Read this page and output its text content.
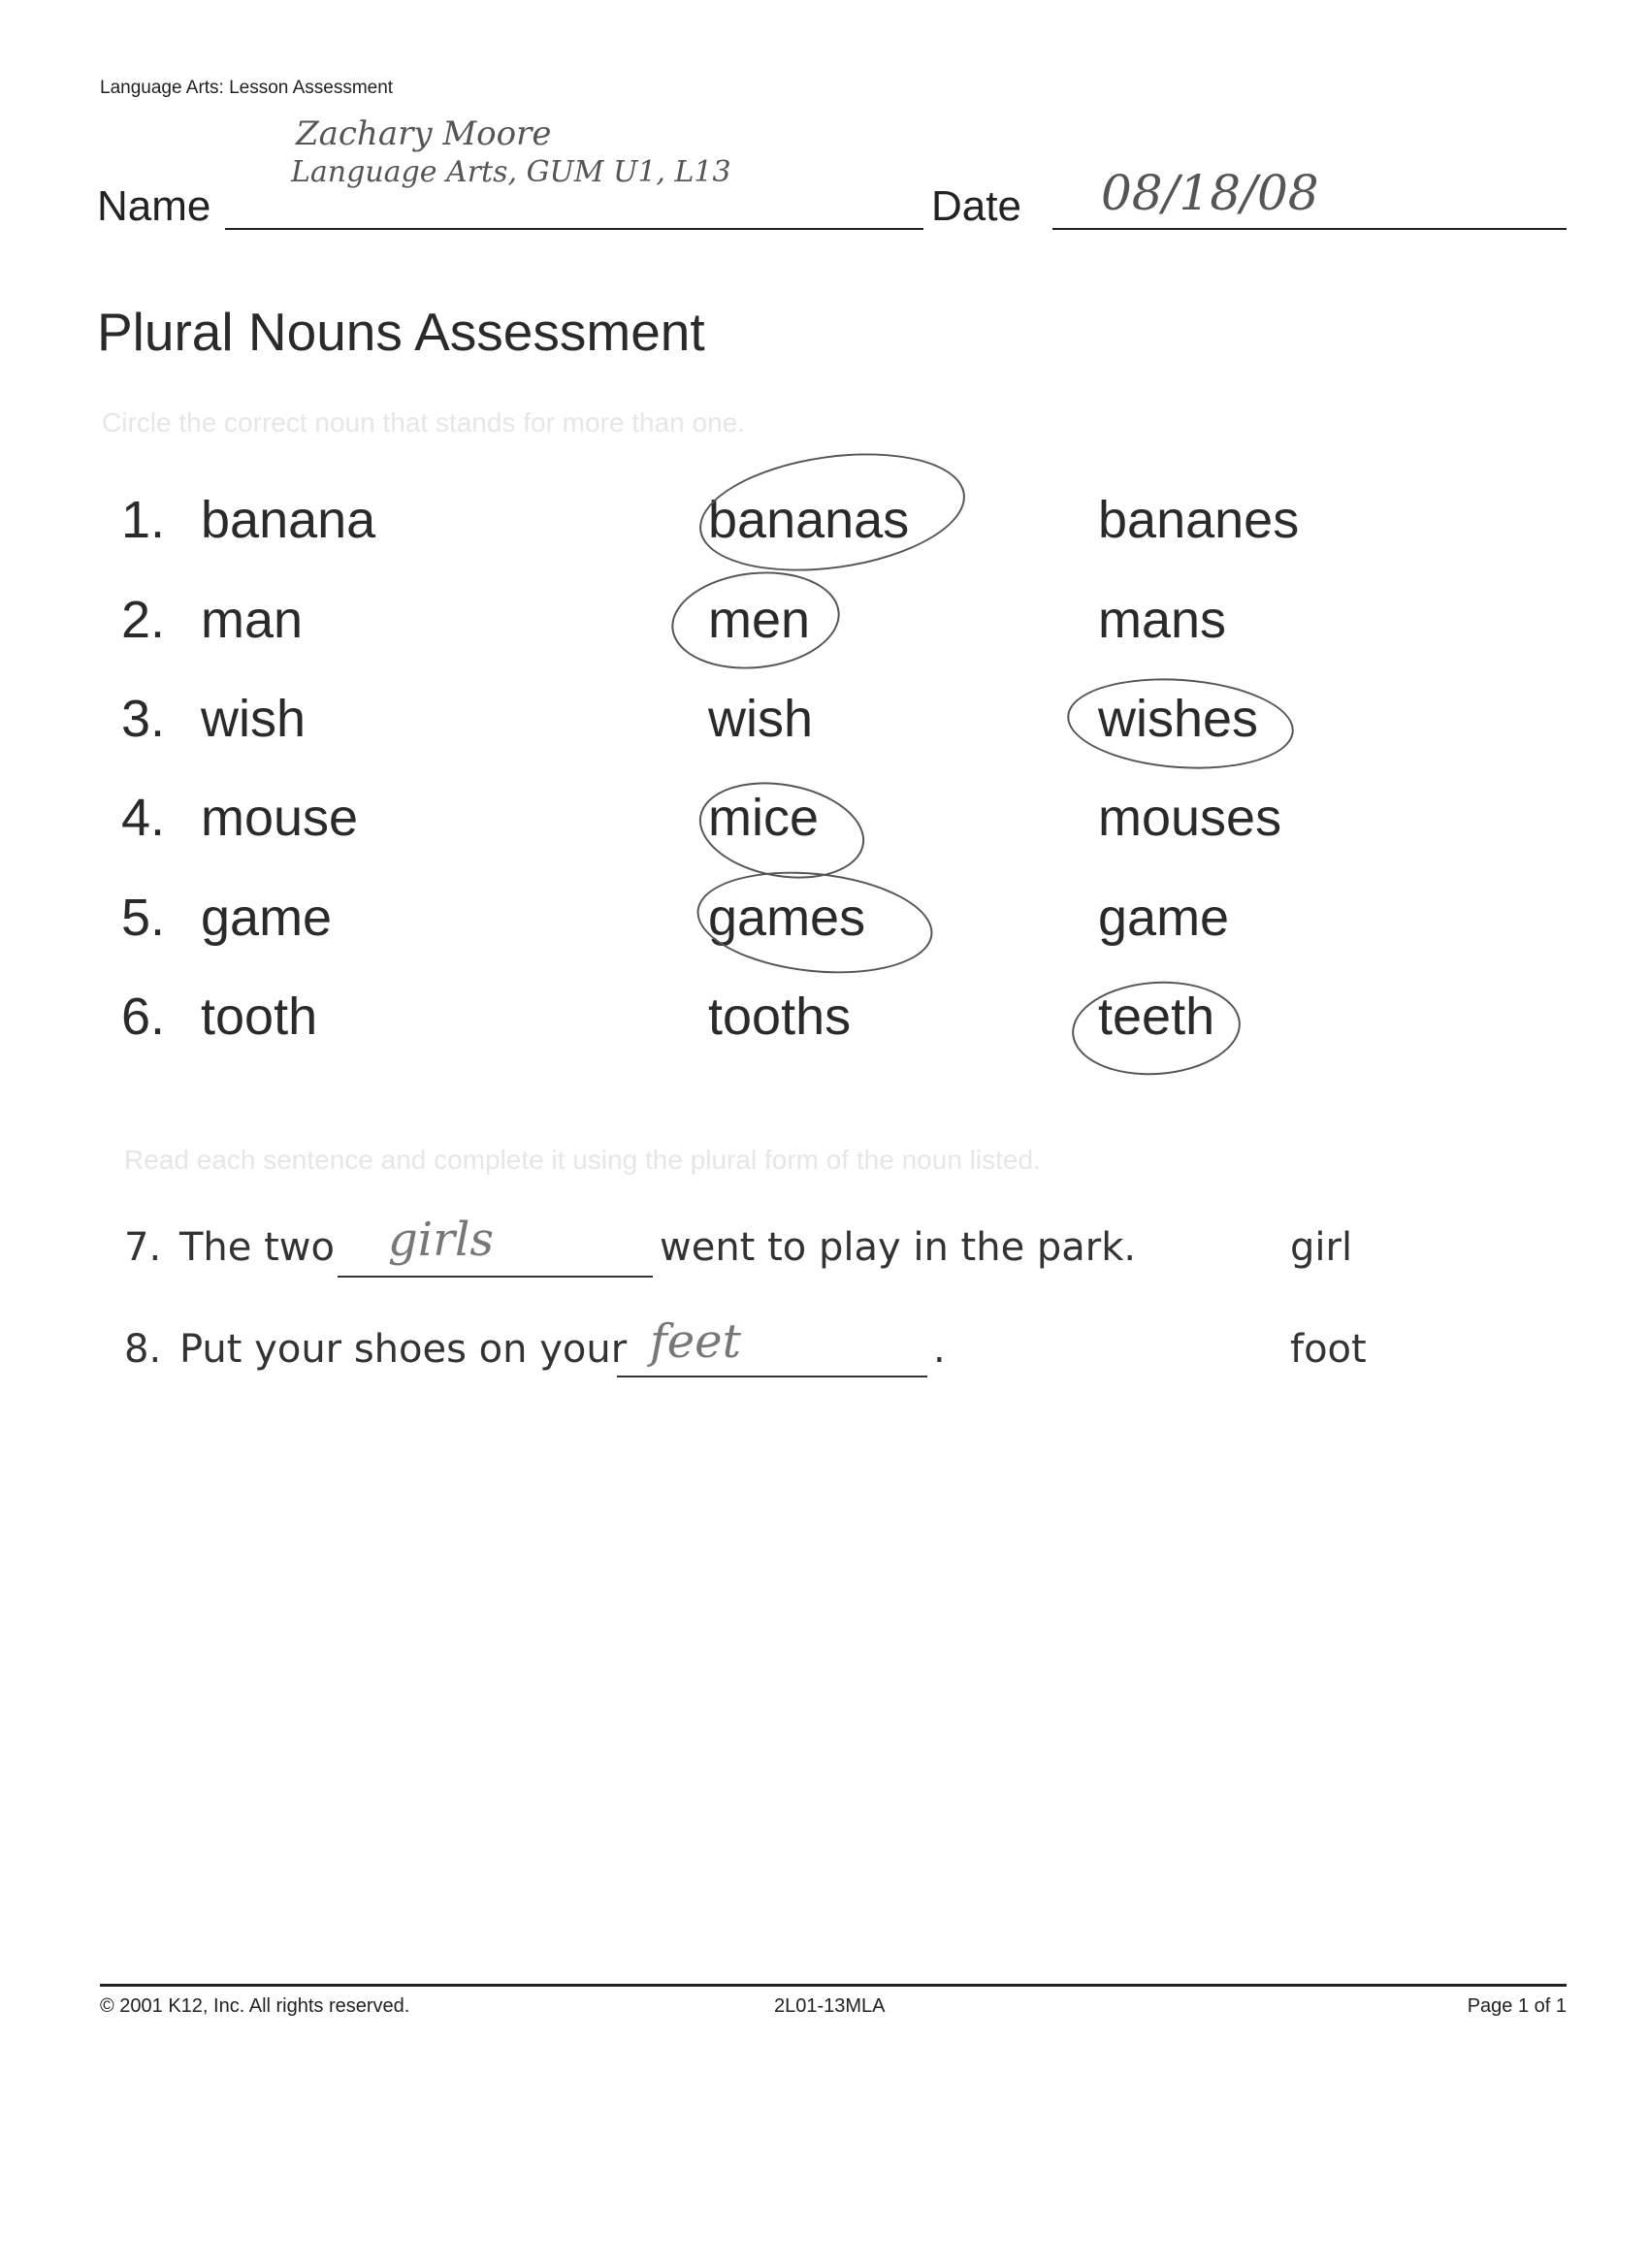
Language Arts: Lesson Assessment
Zachary Moore
Language Arts, GUM U1, L13
Name	Date 08/18/08
Plural Nouns Assessment
Circle the correct noun that stands for more than one.
1. banana	bananas	bananes
2. man	men	mans
3. wish	wish	wishes
4. mouse	mice	mouses
5. game	games	game
6. tooth	tooths	teeth
Read each sentence and complete it using the plural form of the noun listed.
7. The two girls	went to play in the park.	girl
8. Put your shoes on your feet	.	foot
© 2001 K12, Inc. All rights reserved.	2L01-13MLA	Page 1 of 1
